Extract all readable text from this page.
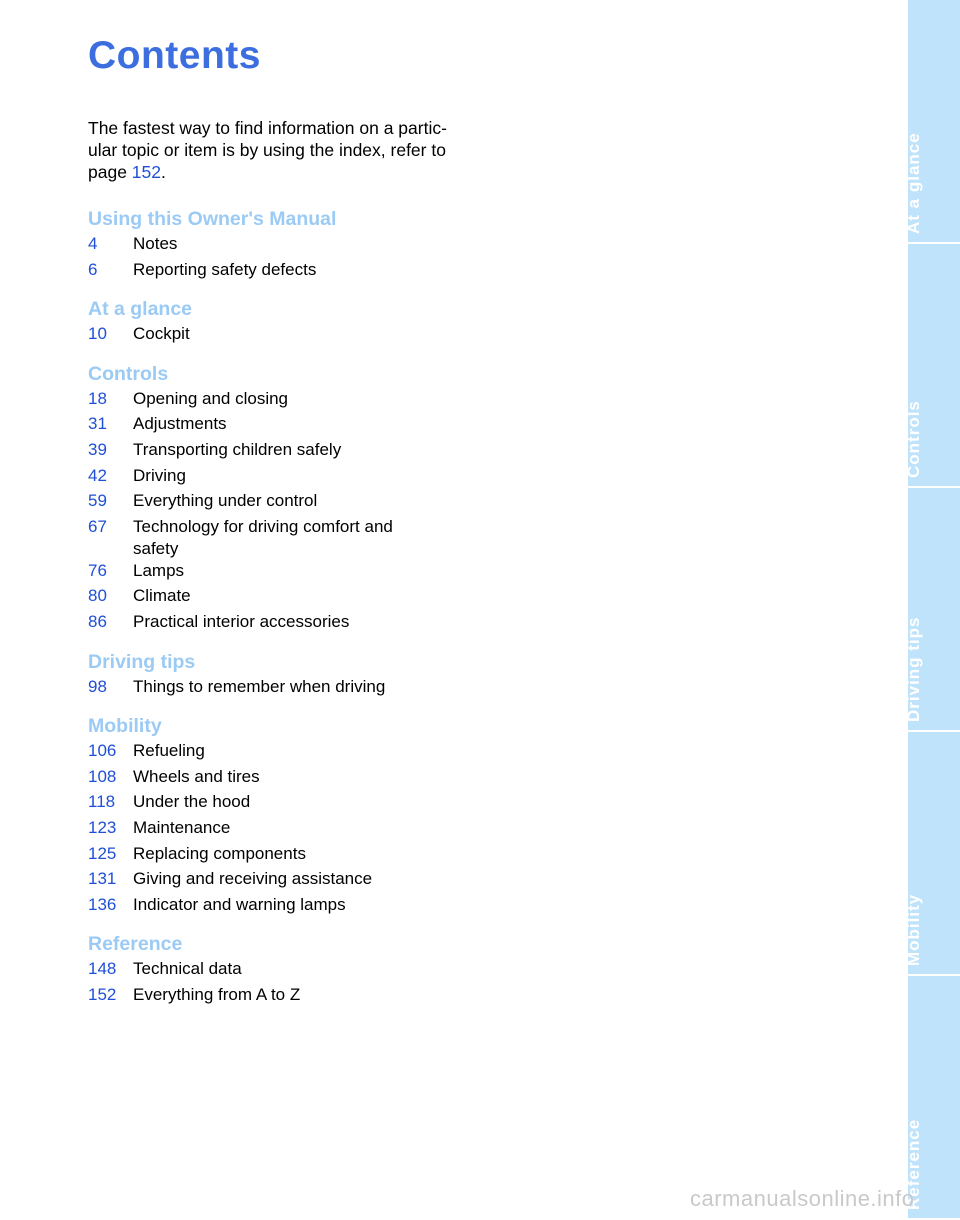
Contents
The fastest way to find information on a partic-
ular topic or item is by using the index, refer to
page 152.
Using this Owner's Manual
4	Notes
6	Reporting safety defects
At a glance
10	Cockpit
Controls
18	Opening and closing
31	Adjustments
39	Transporting children safely
42	Driving
59	Everything under control
67	Technology for driving comfort and safety
76	Lamps
80	Climate
86	Practical interior accessories
Driving tips
98	Things to remember when driving
Mobility
106 Refueling
108 Wheels and tires
118	Under the hood
123 Maintenance
125 Replacing components
131 Giving and receiving assistance
136 Indicator and warning lamps
Reference
148 Technical data
152 Everything from A to Z
At a glance
Controls
Driving tips
Mobility
Reference
carmanualsonline.info
